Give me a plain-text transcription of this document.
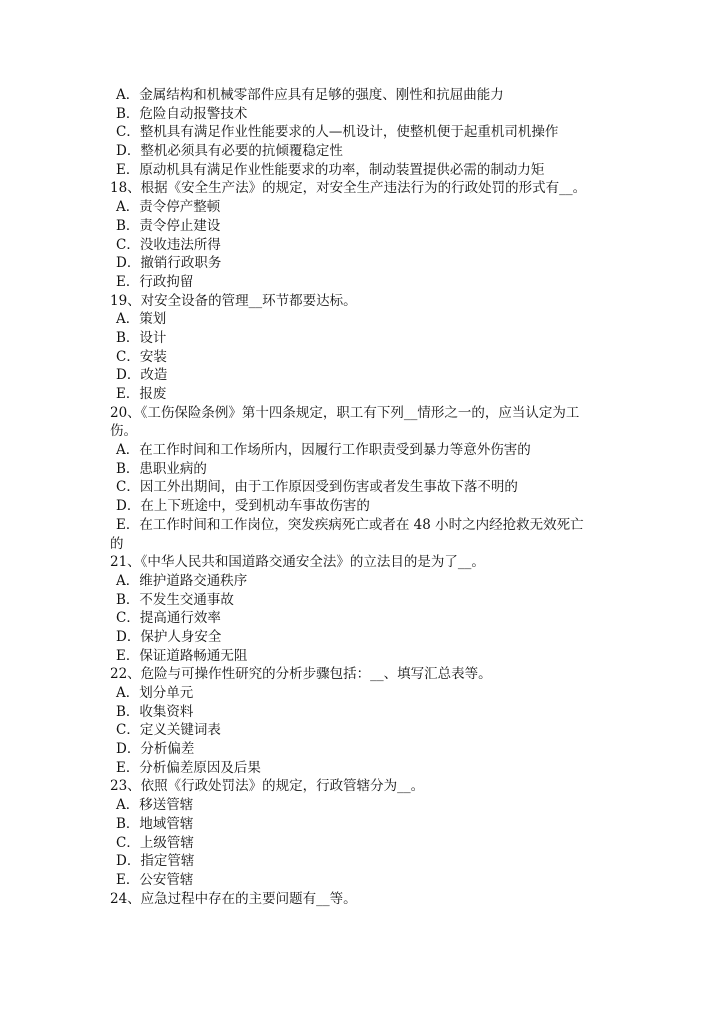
A．金属结构和机械零部件应具有足够的强度、刚性和抗屈曲能力
B．危险自动报警技术
C．整机具有满足作业性能要求的人—机设计，使整机便于起重机司机操作
D．整机必须具有必要的抗倾覆稳定性
E．原动机具有满足作业性能要求的功率，制动装置提供必需的制动力矩
18、根据《安全生产法》的规定，对安全生产违法行为的行政处罚的形式有__。
A．责令停产整顿
B．责令停止建设
C．没收违法所得
D．撤销行政职务
E．行政拘留
19、对安全设备的管理__环节都要达标。
A．策划
B．设计
C．安装
D．改造
E．报废
20、《工伤保险条例》第十四条规定，职工有下列__情形之一的，应当认定为工
伤。
A．在工作时间和工作场所内，因履行工作职责受到暴力等意外伤害的
B．患职业病的
C．因工外出期间，由于工作原因受到伤害或者发生事故下落不明的
D．在上下班途中，受到机动车事故伤害的
E．在工作时间和工作岗位，突发疾病死亡或者在 48 小时之内经抢救无效死亡
的
21、《中华人民共和国道路交通安全法》的立法目的是为了__。
A．维护道路交通秩序
B．不发生交通事故
C．提高通行效率
D．保护人身安全
E．保证道路畅通无阻
22、危险与可操作性研究的分析步骤包括：__、填写汇总表等。
A．划分单元
B．收集资料
C．定义关键词表
D．分析偏差
E．分析偏差原因及后果
23、依照《行政处罚法》的规定，行政管辖分为__。
A．移送管辖
B．地域管辖
C．上级管辖
D．指定管辖
E．公安管辖
24、应急过程中存在的主要问题有__等。
